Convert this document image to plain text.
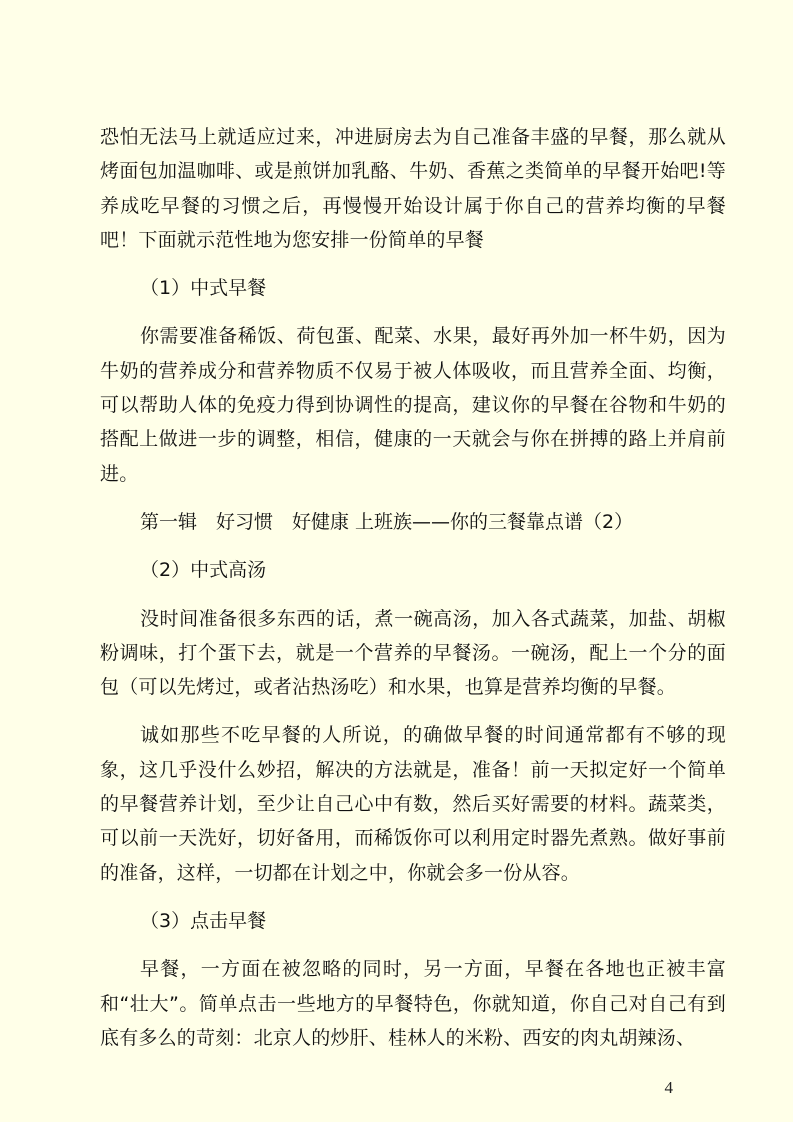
恐怕无法马上就适应过来，冲进厨房去为自己准备丰盛的早餐，那么就从烤面包加温咖啡、或是煎饼加乳酪、牛奶、香蕉之类简单的早餐开始吧!等养成吃早餐的习惯之后，再慢慢开始设计属于你自己的营养均衡的早餐吧！下面就示范性地为您安排一份简单的早餐

（1）中式早餐

你需要准备稀饭、荷包蛋、配菜、水果，最好再外加一杯牛奶，因为牛奶的营养成分和营养物质不仅易于被人体吸收，而且营养全面、均衡，可以帮助人体的免疫力得到协调性的提高，建议你的早餐在谷物和牛奶的搭配上做进一步的调整，相信，健康的一天就会与你在拼搏的路上并肩前进。

第一辑　好习惯　好健康 上班族——你的三餐靠点谱（2）

（2）中式高汤

没时间准备很多东西的话，煮一碗高汤，加入各式蔬菜，加盐、胡椒粉调味，打个蛋下去，就是一个营养的早餐汤。一碗汤，配上一个分的面包（可以先烤过，或者沾热汤吃）和水果，也算是营养均衡的早餐。

诚如那些不吃早餐的人所说，的确做早餐的时间通常都有不够的现象，这几乎没什么妙招，解决的方法就是，准备！前一天拟定好一个简单的早餐营养计划，至少让自己心中有数，然后买好需要的材料。蔬菜类，可以前一天洗好，切好备用，而稀饭你可以利用定时器先煮熟。做好事前的准备，这样，一切都在计划之中，你就会多一份从容。

（3）点击早餐

早餐，一方面在被忽略的同时，另一方面，早餐在各地也正被丰富和“壮大”。简单点击一些地方的早餐特色，你就知道，你自己对自己有到底有多么的苛刻：北京人的炒肝、桂林人的米粉、西安的肉丸胡辣汤、

4
